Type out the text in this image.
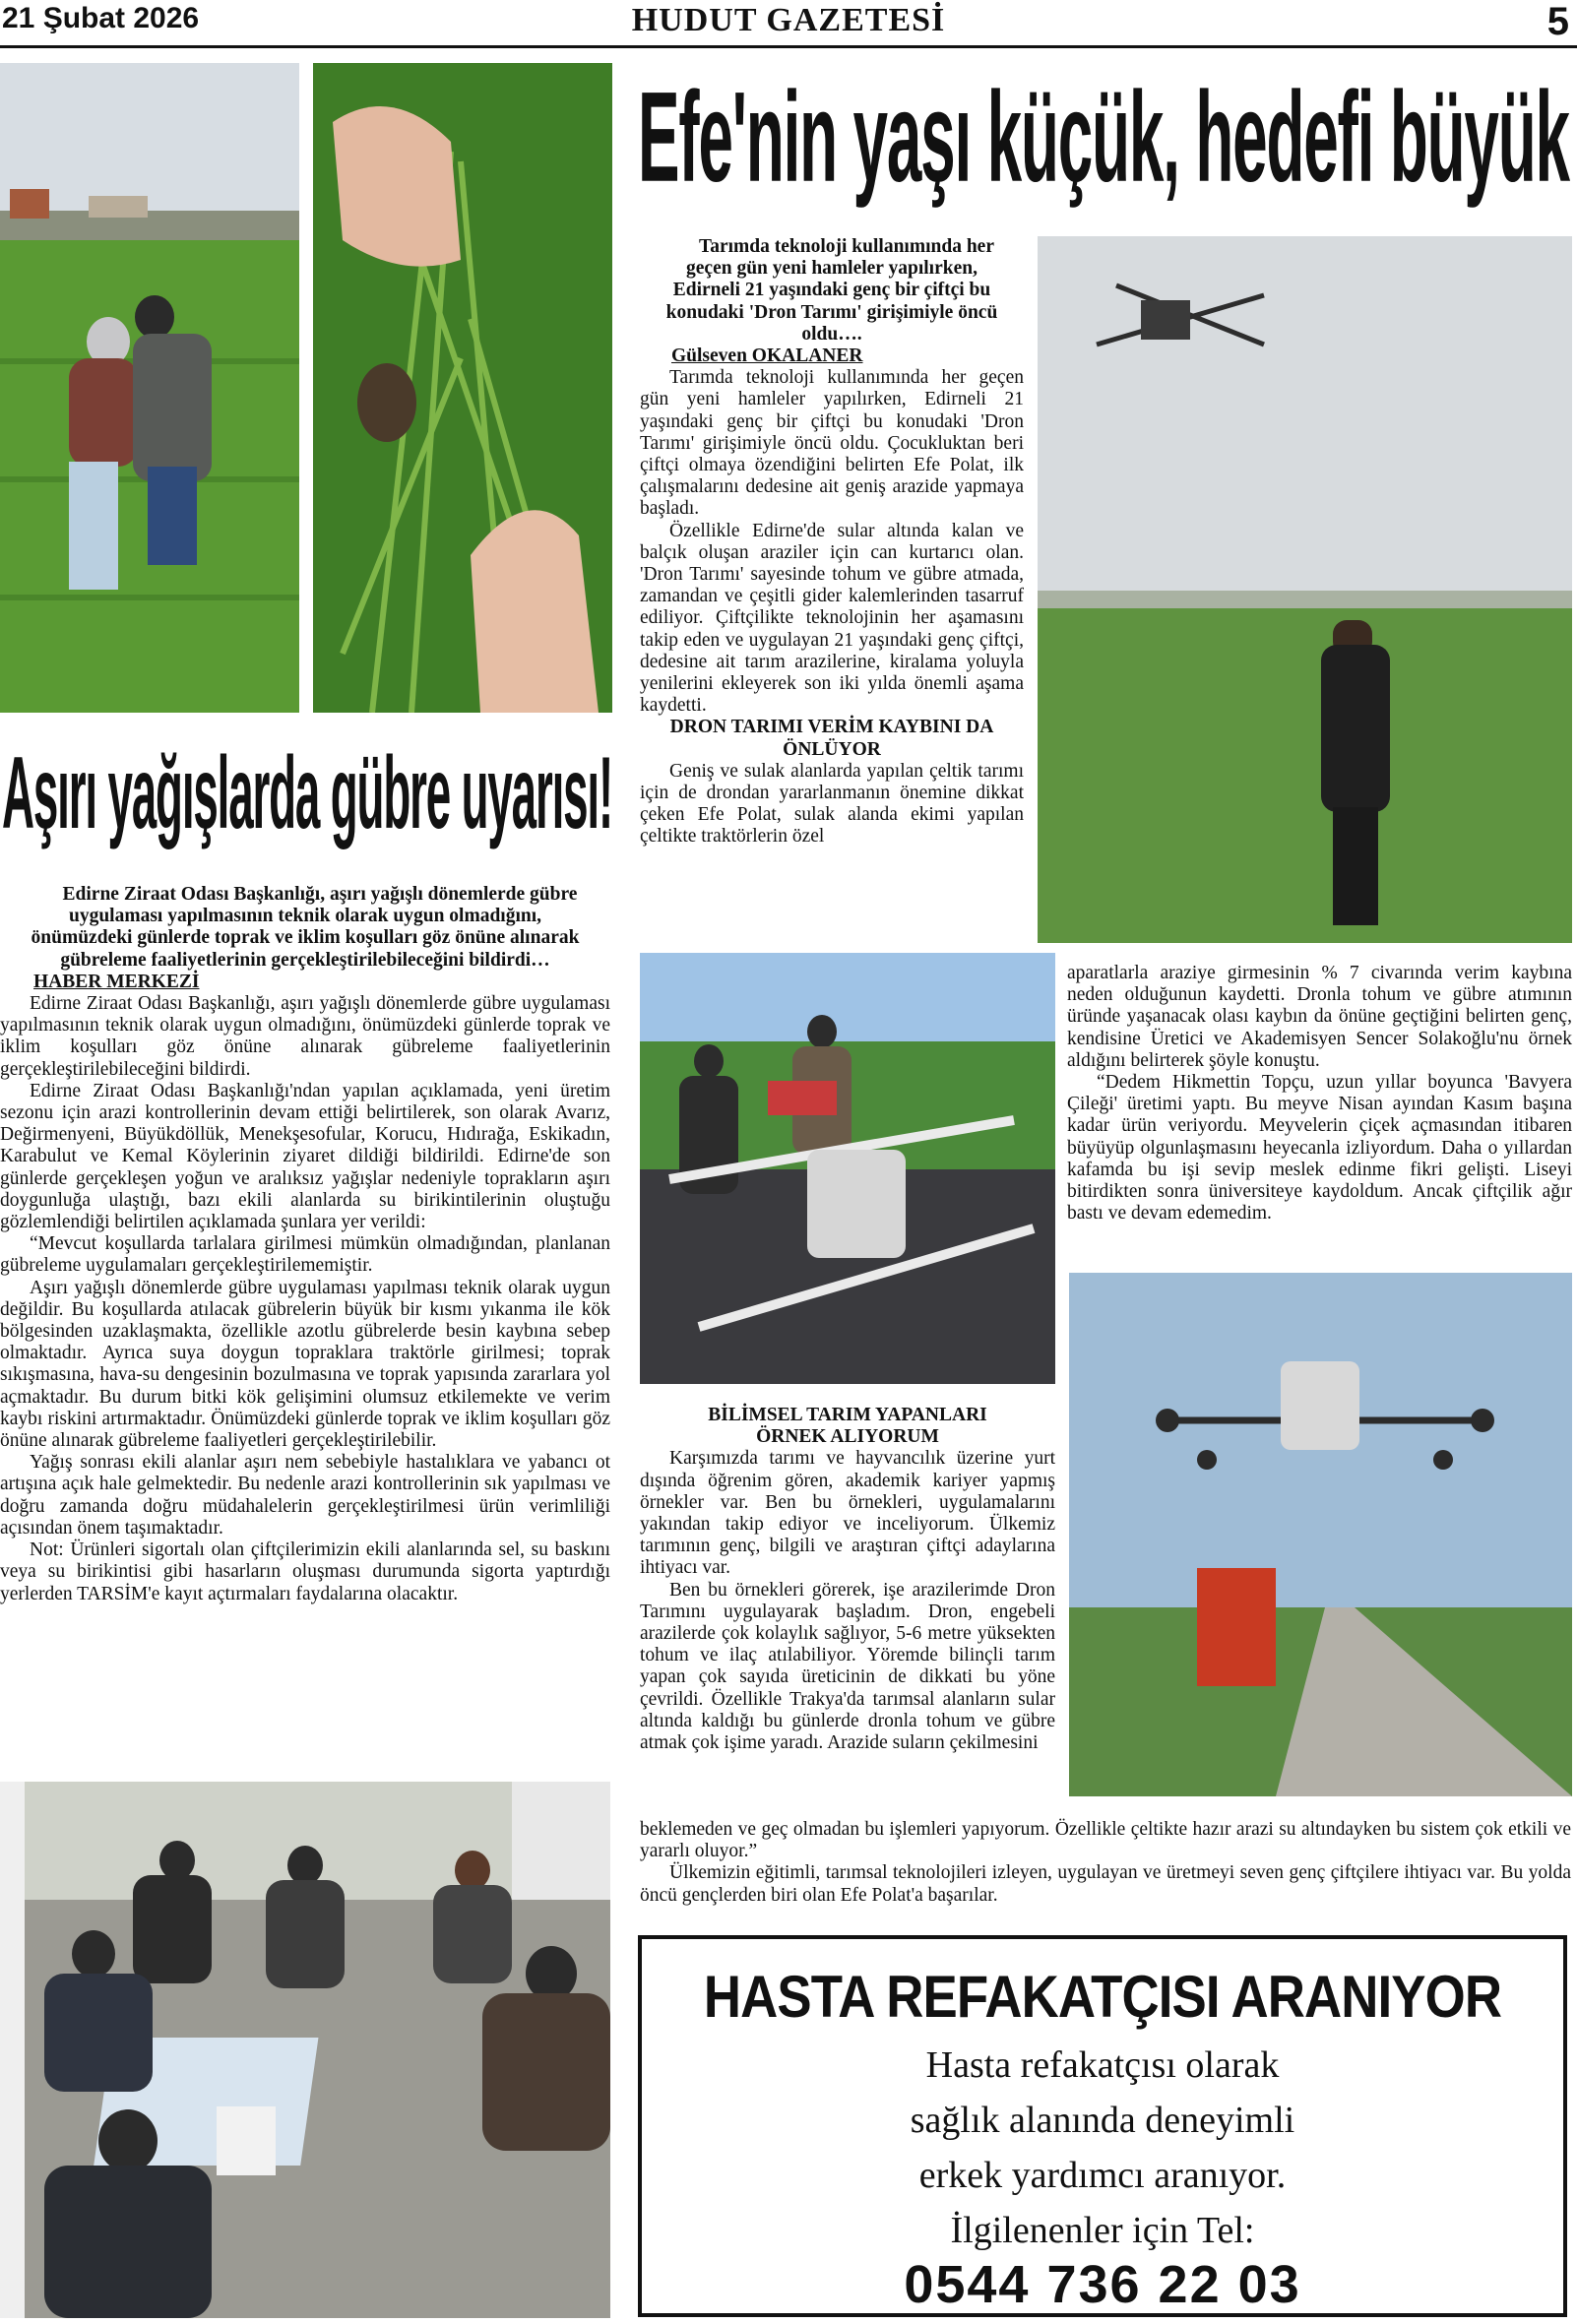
21 Şubat 2026	HUDUT GAZETESİ	5
Aşırı yağışlarda gübre uyarısı!

Edirne Ziraat Odası Başkanlığı, aşırı yağışlı dönemlerde gübre uygulaması yapılmasının teknik olarak uygun olmadığını, önümüzdeki günlerde toprak ve iklim koşulları göz önüne alınarak gübreleme faaliyetlerinin gerçekleştirilebileceğini bildirdi…

HABER MERKEZİ

Edirne Ziraat Odası Başkanlığı, aşırı yağışlı dönemlerde gübre uygulaması yapılmasının teknik olarak uygun olmadığını, önümüzdeki günlerde toprak ve iklim koşulları göz önüne alınarak gübreleme faaliyetlerinin gerçekleştirilebileceğini bildirdi.

Edirne Ziraat Odası Başkanlığı'ndan yapılan açıklamada, yeni üretim sezonu için arazi kontrollerinin devam ettiği belirtilerek, son olarak Avarız, Değirmenyeni, Büyükdöllük, Menekşesofular, Korucu, Hıdırağa, Eskikadın, Karabulut ve Kemal Köylerinin ziyaret dildiği bildirildi. Edirne'de son günlerde gerçekleşen yoğun ve aralıksız yağışlar nedeniyle toprakların aşırı doygunluğa ulaştığı, bazı ekili alanlarda su birikintilerinin oluştuğu gözlemlendiği belirtilen açıklamada şunlara yer verildi:

“Mevcut koşullarda tarlalara girilmesi mümkün olmadığından, planlanan gübreleme uygulamaları gerçekleştirilememiştir.

Aşırı yağışlı dönemlerde gübre uygulaması yapılması teknik olarak uygun değildir. Bu koşullarda atılacak gübrelerin büyük bir kısmı yıkanma ile kök bölgesinden uzaklaşmakta, özellikle azotlu gübrelerde besin kaybına sebep olmaktadır. Ayrıca suya doygun topraklara traktörle girilmesi; toprak sıkışmasına, hava-su dengesinin bozulmasına ve toprak yapısında zararlara yol açmaktadır. Bu durum bitki kök gelişimini olumsuz etkilemekte ve verim kaybı riskini artırmaktadır. Önümüzdeki günlerde toprak ve iklim koşulları göz önüne alınarak gübreleme faaliyetleri gerçekleştirilebilir.

Yağış sonrası ekili alanlar aşırı nem sebebiyle hastalıklara ve yabancı ot artışına açık hale gelmektedir. Bu nedenle arazi kontrollerinin sık yapılması ve doğru zamanda doğru müdahalelerin gerçekleştirilmesi ürün verimliliği açısından önem taşımaktadır.

Not: Ürünleri sigortalı olan çiftçilerimizin ekili alanlarında sel, su baskını veya su birikintisi gibi hasarların oluşması durumunda sigorta yaptırdığı yerlerden TARSİM'e kayıt açtırmaları faydalarına olacaktır.

Efe'nin yaşı küçük, hedefi büyük

Tarımda teknoloji kullanımında her geçen gün yeni hamleler yapılırken, Edirneli 21 yaşındaki genç bir çiftçi bu konudaki 'Dron Tarımı' girişimiyle öncü oldu….

Gülseven OKALANER

Tarımda teknoloji kullanımında her geçen gün yeni hamleler yapılırken, Edirneli 21 yaşındaki genç bir çiftçi bu konudaki 'Dron Tarımı' girişimiyle öncü oldu. Çocukluktan beri çiftçi olmaya özendiğini belirten Efe Polat, ilk çalışmalarını dedesine ait geniş arazide yapmaya başladı.

Özellikle Edirne'de sular altında kalan ve balçık oluşan araziler için can kurtarıcı olan. 'Dron Tarımı' sayesinde tohum ve gübre atmada, zamandan ve çeşitli gider kalemlerinden tasarruf ediliyor. Çiftçilikte teknolojinin her aşamasını takip eden ve uygulayan 21 yaşındaki genç çiftçi, dedesine ait tarım arazilerine, kiralama yoluyla yenilerini ekleyerek son iki yılda önemli aşama kaydetti.

DRON TARIMI VERİM KAYBINI DA ÖNLÜYOR

Geniş ve sulak alanlarda yapılan çeltik tarımı için de drondan yararlanmanın önemine dikkat çeken Efe Polat, sulak alanda ekimi yapılan çeltikte traktörlerin özel

aparatlarla araziye girmesinin % 7 civarında verim kaybına neden olduğunun kaydetti. Dronla tohum ve gübre atımının üründe yaşanacak olası kaybın da önüne geçtiğini belirten genç, kendisine Üretici ve Akademisyen Sencer Solakoğlu'nu örnek aldığını belirterek şöyle konuştu.

“Dedem Hikmettin Topçu, uzun yıllar boyunca 'Bavyera Çileği' üretimi yaptı. Bu meyve Nisan ayından Kasım başına kadar ürün veriyordu. Meyvelerin çiçek açmasından itibaren büyüyüp olgunlaşmasını heyecanla izliyordum. Daha o yıllardan kafamda bu işi sevip meslek edinme fikri gelişti. Liseyi bitirdikten sonra üniversiteye kaydoldum. Ancak çiftçilik ağır bastı ve devam edemedim.

BİLİMSEL TARIM YAPANLARI ÖRNEK ALIYORUM

Karşımızda tarımı ve hayvancılık üzerine yurt dışında öğrenim gören, akademik kariyer yapmış örnekler var. Ben bu örnekleri, uygulamalarını yakından takip ediyor ve inceliyorum. Ülkemiz tarımının genç, bilgili ve araştıran çiftçi adaylarına ihtiyacı var.

Ben bu örnekleri görerek, işe arazilerimde Dron Tarımını uygulayarak başladım. Dron, engebeli arazilerde çok kolaylık sağlıyor, 5-6 metre yüksekten tohum ve ilaç atılabiliyor. Yöremde bilinçli tarım yapan çok sayıda üreticinin de dikkati bu yöne çevrildi. Özellikle Trakya'da tarımsal alanların sular altında kaldığı bu günlerde dronla tohum ve gübre atmak çok işime yaradı. Arazide suların çekilmesini

beklemeden ve geç olmadan bu işlemleri yapıyorum. Özellikle çeltikte hazır arazi su altındayken bu sistem çok etkili ve yararlı oluyor.”

Ülkemizin eğitimli, tarımsal teknolojileri izleyen, uygulayan ve üretmeyi seven genç çiftçilere ihtiyacı var. Bu yolda öncü gençlerden biri olan Efe Polat'a başarılar.

HASTA REFAKATÇISI ARANIYOR
Hasta refakatçısı olarak
sağlık alanında deneyimli
erkek yardımcı aranıyor.
İlgilenenler için Tel:
0544 736 22 03
